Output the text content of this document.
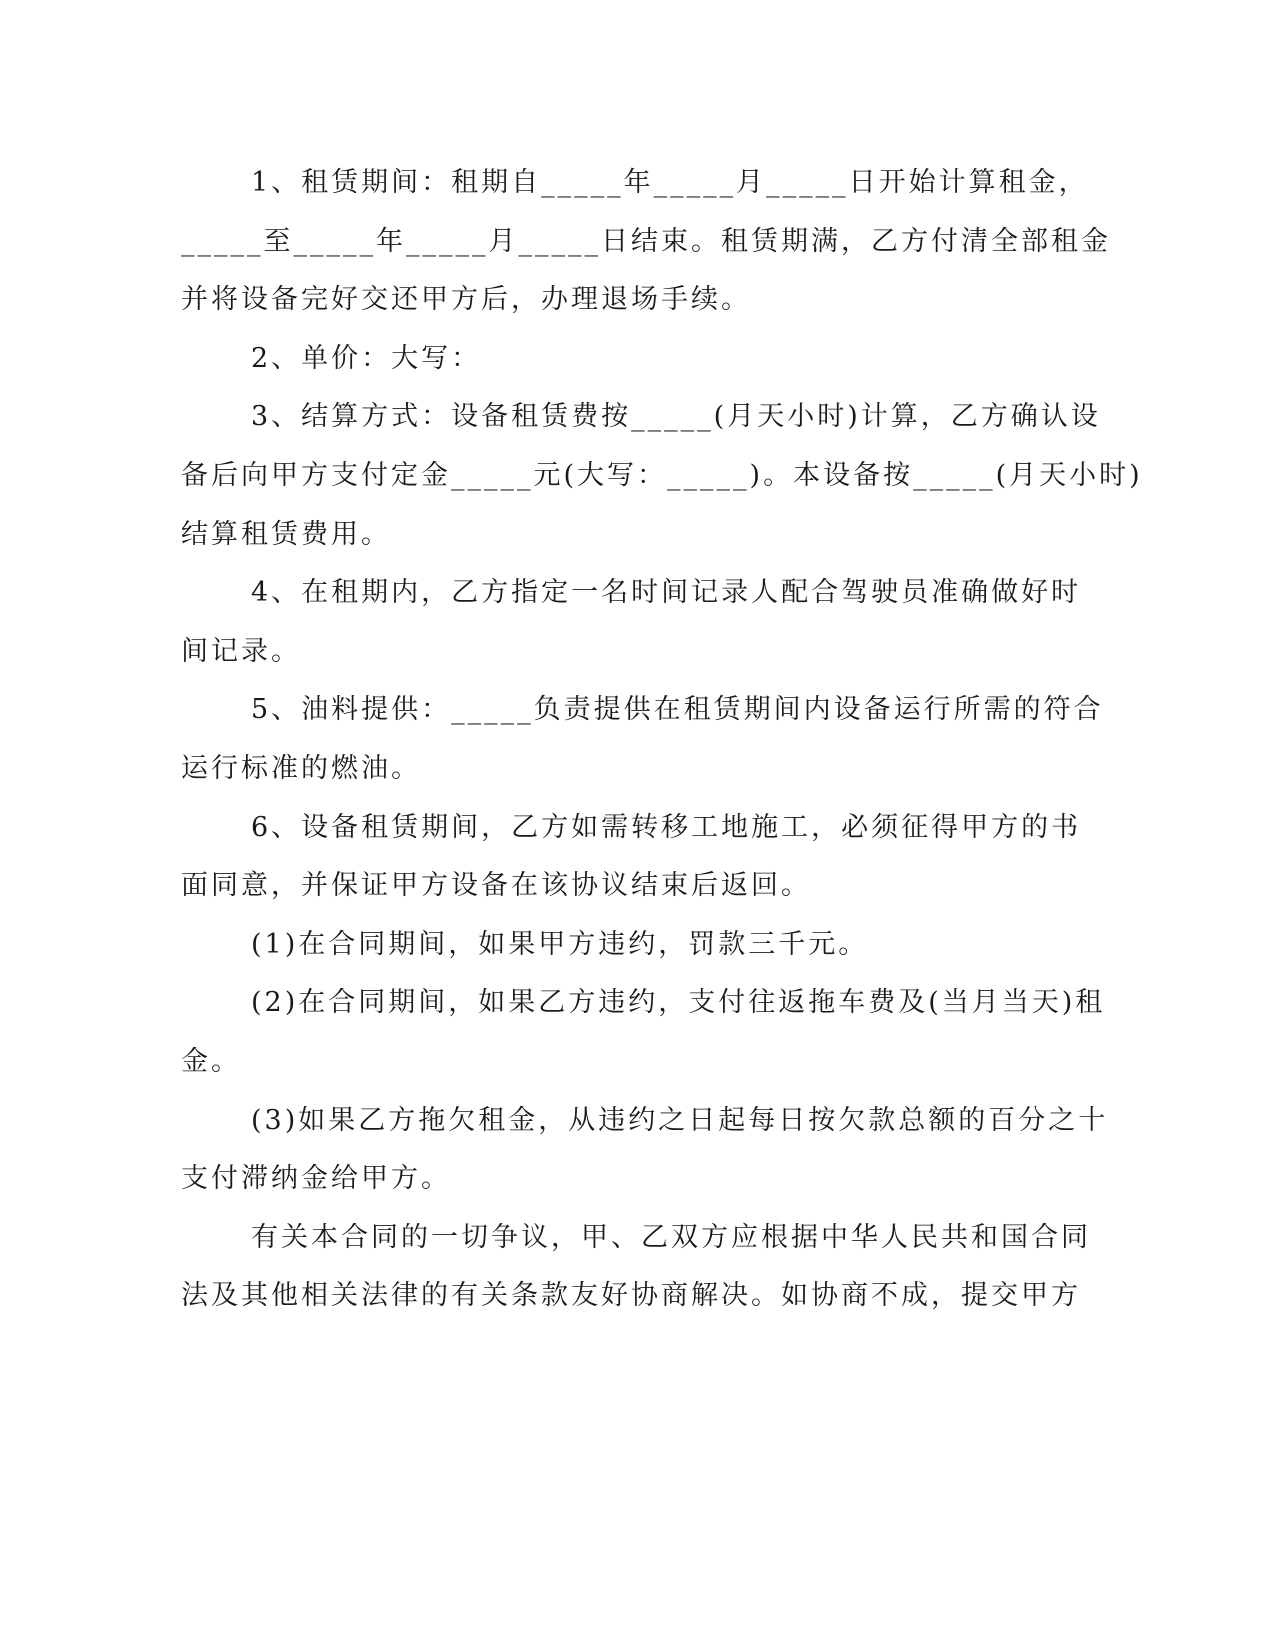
1、租赁期间：租期自_____年_____月_____日开始计算租金，
_____至_____年_____月_____日结束。租赁期满，乙方付清全部租金
并将设备完好交还甲方后，办理退场手续。
2、单价：大写：
3、结算方式：设备租赁费按_____(月天小时)计算，乙方确认设
备后向甲方支付定金_____元(大写：_____)。本设备按_____(月天小时)
结算租赁费用。
4、在租期内，乙方指定一名时间记录人配合驾驶员准确做好时
间记录。
5、油料提供：_____负责提供在租赁期间内设备运行所需的符合
运行标准的燃油。
6、设备租赁期间，乙方如需转移工地施工，必须征得甲方的书
面同意，并保证甲方设备在该协议结束后返回。
(1)在合同期间，如果甲方违约，罚款三千元。
(2)在合同期间，如果乙方违约，支付往返拖车费及(当月当天)租
金。
(3)如果乙方拖欠租金，从违约之日起每日按欠款总额的百分之十
支付滞纳金给甲方。
有关本合同的一切争议，甲、乙双方应根据中华人民共和国合同
法及其他相关法律的有关条款友好协商解决。如协商不成，提交甲方
